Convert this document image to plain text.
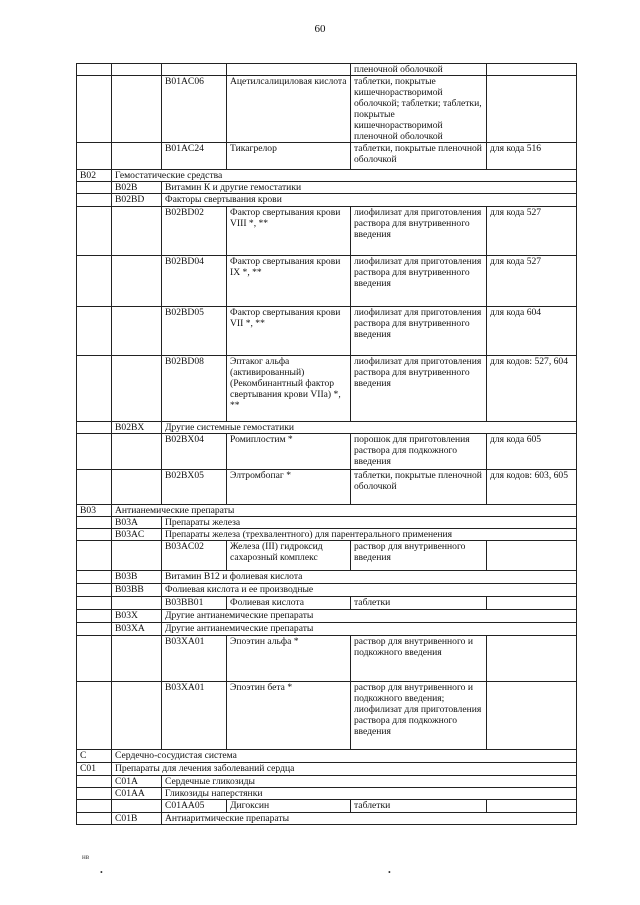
60
				пленочной оболочкой	
		B01AC06	Ацетилсалициловая кислота	таблетки, покрытые кишечнорастворимой оболочкой; таблетки; таблетки, покрытые кишечнорастворимой пленочной оболочкой	
		B01AC24	Тикагрелор	таблетки, покрытые пленочной оболочкой	для кода 516
B02	Гемостатические средства				
	B02B	Витамин К и другие гемостатики			
	B02BD	Факторы свертывания крови			
		B02BD02	Фактор свертывания крови VIII *, **	лиофилизат для приготовления раствора для внутривенного введения	для кода 527
		B02BD04	Фактор свертывания крови IX *, **	лиофилизат для приготовления раствора для внутривенного введения	для кода 527
		B02BD05	Фактор свертывания крови VII *, **	лиофилизат для приготовления раствора для внутривенного введения	для кода 604
		B02BD08	Эптаког альфа (активированный) (Рекомбинантный фактор свертывания крови VIIa) *, **	лиофилизат для приготовления раствора для внутривенного введения	для кодов: 527, 604
	B02BX	Другие системные гемостатики			
		B02BX04	Ромиплостим *	порошок для приготовления раствора для подкожного введения	для кода 605
		B02BX05	Элтромбопаг *	таблетки, покрытые пленочной оболочкой	для кодов: 603, 605
B03	Антианемические препараты				
	B03A	Препараты железа			
	B03AC	Препараты железа (трехвалентного) для парентерального применения			
		B03AC02	Железа (III) гидроксид сахарозный комплекс	раствор для внутривенного введения	
	B03B	Витамин B12 и фолиевая кислота			
	B03BB	Фолиевая кислота и ее производные			
		B03BB01	Фолиевая кислота	таблетки	
	B03X	Другие антианемические препараты			
	B03XA	Другие антианемические препараты			
		B03XA01	Эпоэтин альфа *	раствор для внутривенного и подкожного введения	
		B03XA01	Эпоэтин бета *	раствор для внутривенного и подкожного введения; лиофилизат для приготовления раствора для подкожного введения	
C	Сердечно-сосудистая система				
C01	Препараты для лечения заболеваний сердца				
	C01A	Сердечные гликозиды			
	C01AA	Гликозиды наперстянки			
		C01AA05	Дигоксин	таблетки	
	C01B	Антиаритмические препараты			
нв
•	•
